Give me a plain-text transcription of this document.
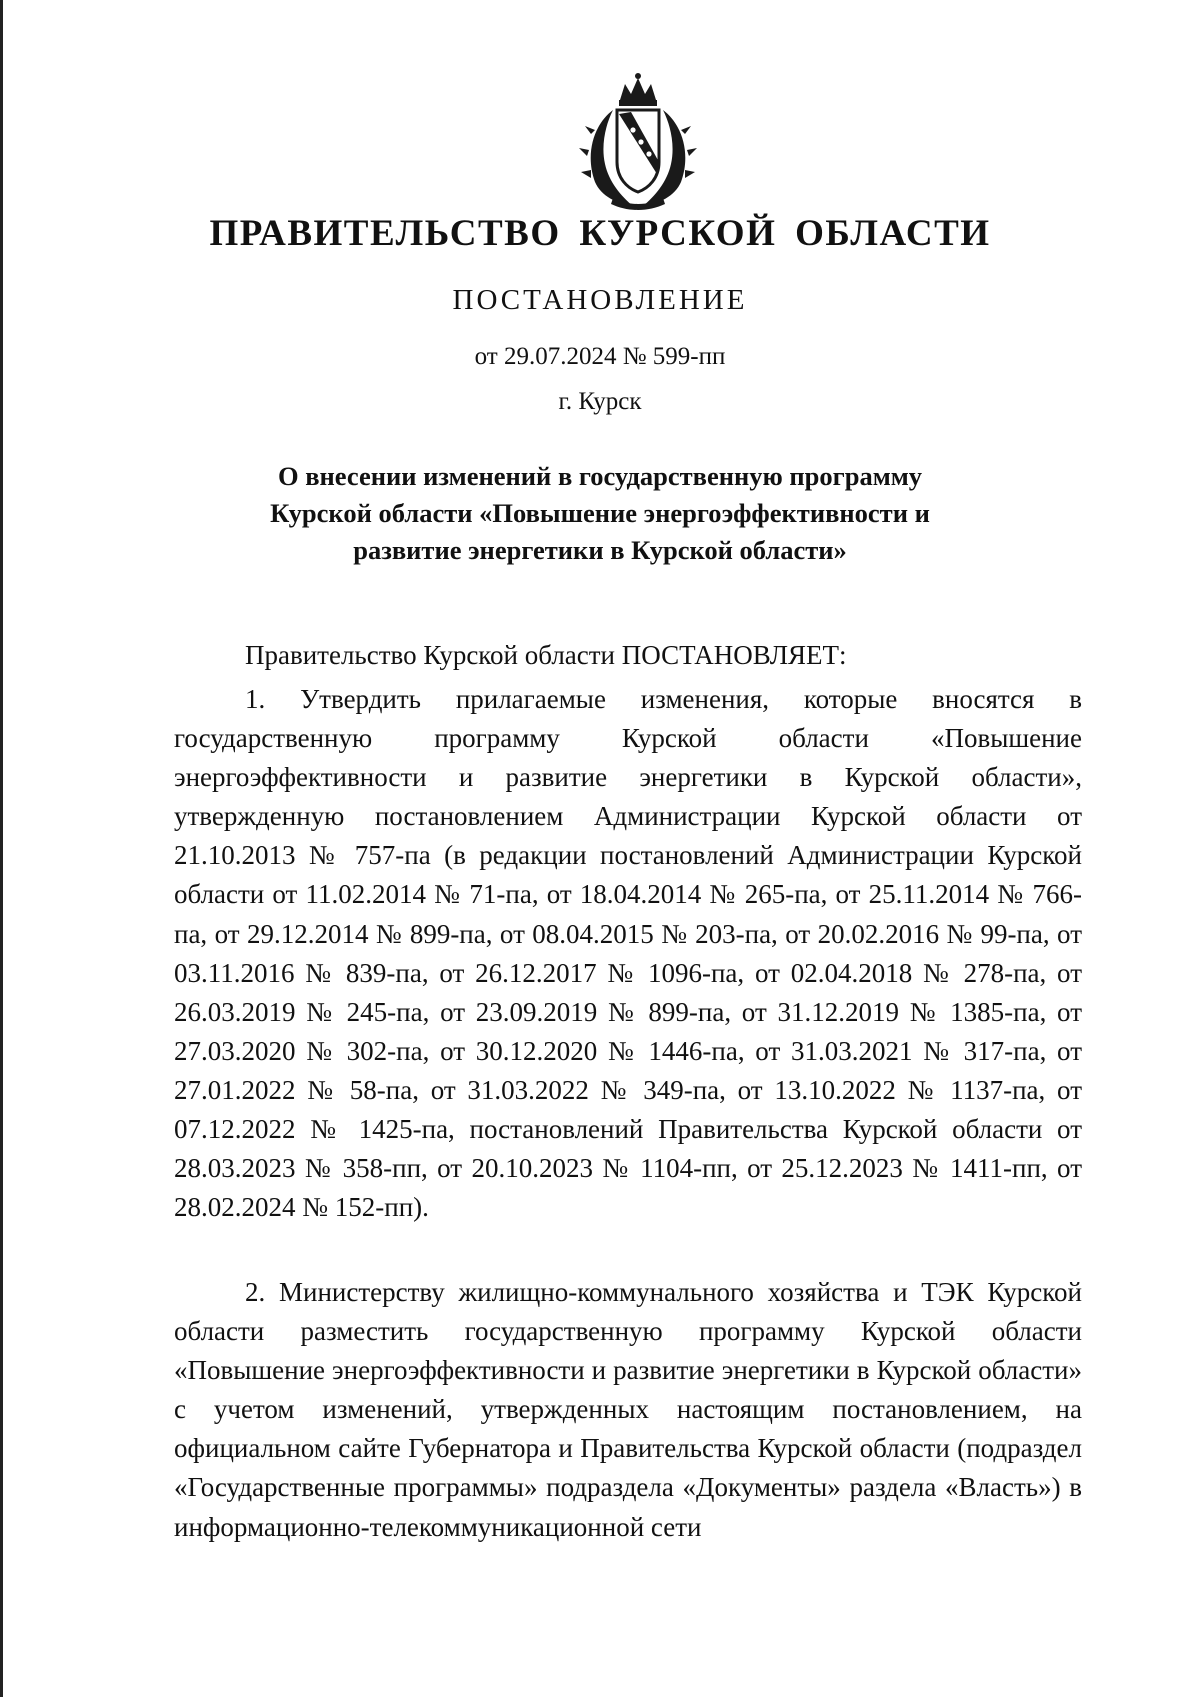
ПРАВИТЕЛЬСТВО КУРСКОЙ ОБЛАСТИ
ПОСТАНОВЛЕНИЕ
от 29.07.2024 № 599-пп
г. Курск
О внесении изменений в государственную программу
Курской области «Повышение энергоэффективности и
развитие энергетики в Курской области»
Правительство Курской области ПОСТАНОВЛЯЕТ:

1. Утвердить прилагаемые изменения, которые вносятся в государственную программу Курской области «Повышение энергоэффективности и развитие энергетики в Курской области», утвержденную постановлением Администрации Курской области от 21.10.2013 № 757-па (в редакции постановлений Администрации Курской области от 11.02.2014 № 71-па, от 18.04.2014 № 265-па, от 25.11.2014 № 766-па, от 29.12.2014 № 899-па, от 08.04.2015 № 203-па, от 20.02.2016 № 99-па, от 03.11.2016 № 839-па, от 26.12.2017 № 1096-па, от 02.04.2018 № 278-па, от 26.03.2019 № 245-па, от 23.09.2019 № 899-па, от 31.12.2019 № 1385-па, от 27.03.2020 № 302-па, от 30.12.2020 № 1446-па, от 31.03.2021 № 317-па, от 27.01.2022 № 58-па, от 31.03.2022 № 349-па, от 13.10.2022 № 1137-па, от 07.12.2022 № 1425-па, постановлений Правительства Курской области от 28.03.2023 № 358-пп, от 20.10.2023 № 1104-пп, от 25.12.2023 № 1411-пп, от 28.02.2024 № 152-пп).

2. Министерству жилищно-коммунального хозяйства и ТЭК Курской области разместить государственную программу Курской области «Повышение энергоэффективности и развитие энергетики в Курской области» с учетом изменений, утвержденных настоящим постановлением, на официальном сайте Губернатора и Правительства Курской области (подраздел «Государственные программы» подраздела «Документы» раздела «Власть») в информационно-телекоммуникационной сети
